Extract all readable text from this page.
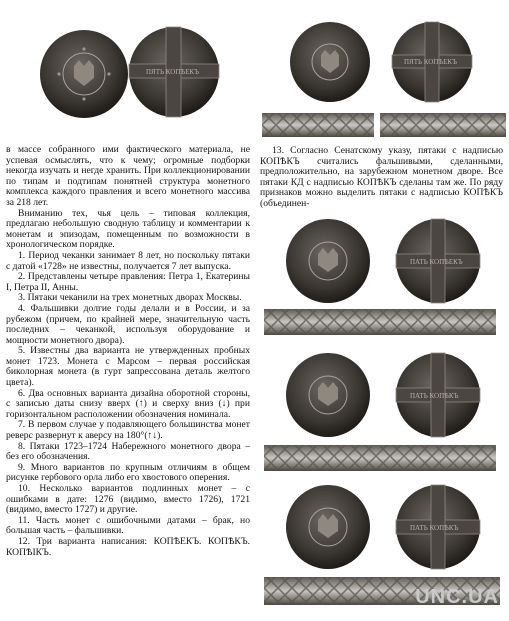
ПЯТЬ КОПѢЕКЪ
ПЯТЬ КОПѢЕКЪ

в массе собранного ими фактического материала, не успевая осмыслять, что к чему; огромные подборки некогда изучать и негде хранить. При коллекционировании по типам и подтипам понятней структура монетного комплекса каждого правления и всего монетного массива за 218 лет.

Вниманию тех, чья цель – типовая коллекция, предлагаю небольшую сводную таблицу и комментарии к монетам и эпизодам, помещенным по возможности в хронологическом порядке.

1. Период чеканки занимает 8 лет, но поскольку пятаки с датой «1728» не известны, получается 7 лет выпуска.

2. Представлены четыре правления: Петра 1, Екатерины I, Петра II, Анны.

3. Пятаки чеканили на трех монетных дворах Москвы.

4. Фальшивки долгие годы делали и в России, и за рубежом (причем, по крайней мере, значительную часть последних – чеканкой, используя оборудование и мощности монетного двора).

5. Известны два варианта не утвержденных пробных монет 1723. Монета с Марсом – первая российская биколорная монета (в гурт запрессована деталь желтого цвета).

6. Два основных варианта дизайна оборотной стороны, с записью даты снизу вверх (↑) и сверху вниз (↓) при горизонтальном расположении обозначения номинала.

7. В первом случае у подавляющего большинства монет реверс развернут к аверсу на 180°(↑↓).

8. Пятаки 1723–1724 Набережного монетного двора – без его обозначения.

9. Много вариантов по крупным отличиям в общем рисунке гербового орла либо его хвостового оперения.

10. Несколько вариантов подлинных монет – с ошибками в дате: 1276 (видимо, вместо 1726), 1721 (видимо, вместо 1727) и другие.

11. Часть монет с ошибочными датами – брак, но большая часть – фальшивки.

12. Три варианта написания: КОПѢЕКЪ. КОПѢКЪ. КОПѢIКЪ.

13. Согласно Сенатскому указу, пятаки с надписью КОПѢКЪ считались фальшивыми, сделанными, предположительно, на зарубежном монетном дворе. Все пятаки КД с надписью КОПѢКЪ сделаны там же. По ряду признаков можно выделить пятаки с надписью КОПѢКЪ (объединен-

ПАТЬ КОПѢЕКЪ
ПАТЬ КОПѢКЪ
ПАТЬ КОПѢКЪ
UNC.UA
